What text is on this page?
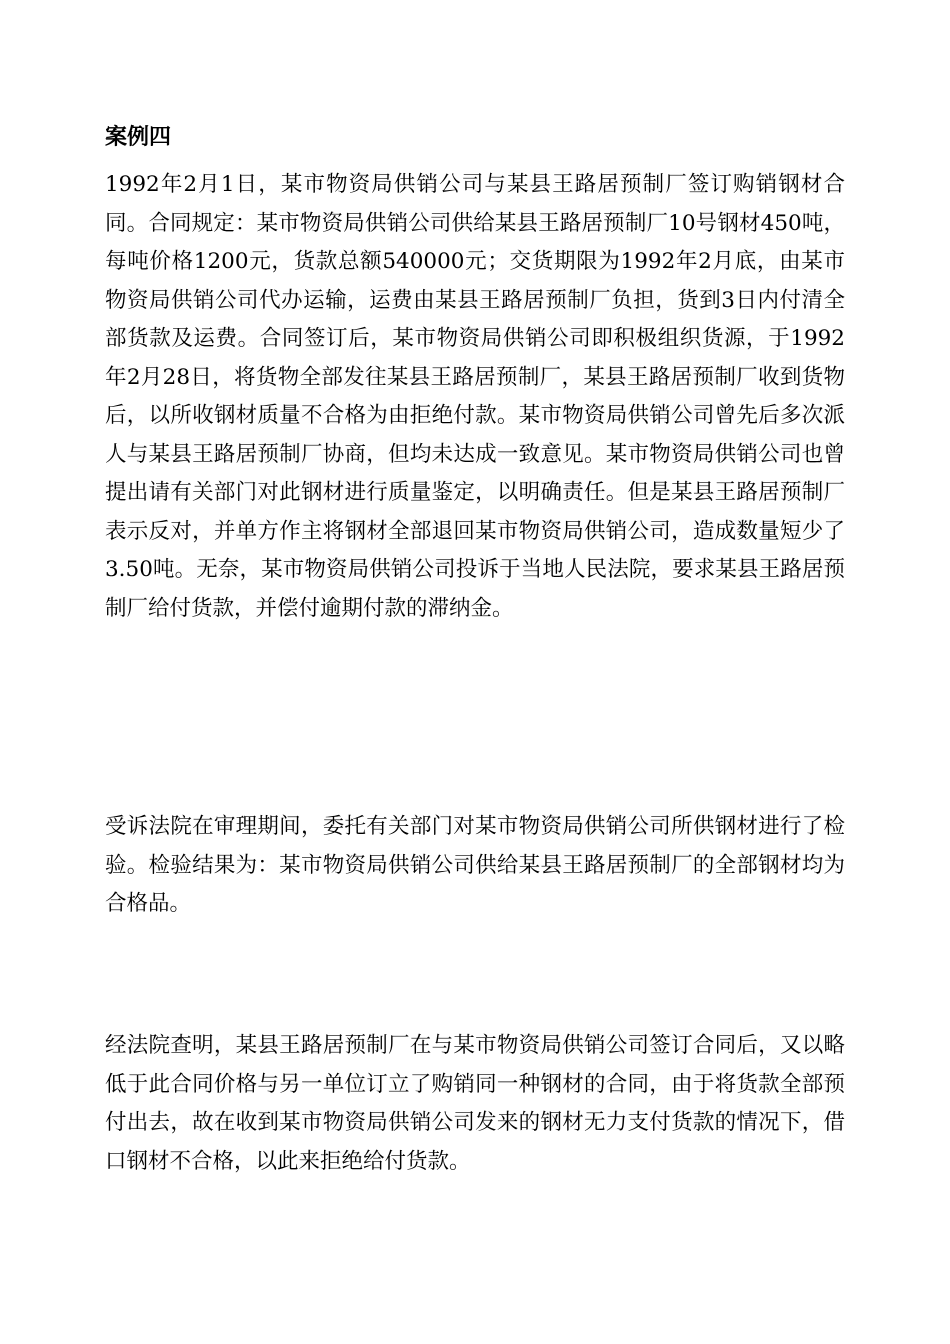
案例四

1992年2月1日，某市物资局供销公司与某县王路居预制厂签订购销钢材合同。合同规定：某市物资局供销公司供给某县王路居预制厂10号钢材450吨，每吨价格1200元，货款总额540000元；交货期限为1992年2月底，由某市物资局供销公司代办运输，运费由某县王路居预制厂负担，货到3日内付清全部货款及运费。合同签订后，某市物资局供销公司即积极组织货源，于1992年2月28日，将货物全部发往某县王路居预制厂，某县王路居预制厂收到货物后，以所收钢材质量不合格为由拒绝付款。某市物资局供销公司曾先后多次派人与某县王路居预制厂协商，但均未达成一致意见。某市物资局供销公司也曾提出请有关部门对此钢材进行质量鉴定，以明确责任。但是某县王路居预制厂表示反对，并单方作主将钢材全部退回某市物资局供销公司，造成数量短少了3.50吨。无奈，某市物资局供销公司投诉于当地人民法院，要求某县王路居预制厂给付货款，并偿付逾期付款的滞纳金。

受诉法院在审理期间，委托有关部门对某市物资局供销公司所供钢材进行了检验。检验结果为：某市物资局供销公司供给某县王路居预制厂的全部钢材均为合格品。

经法院查明，某县王路居预制厂在与某市物资局供销公司签订合同后，又以略低于此合同价格与另一单位订立了购销同一种钢材的合同，由于将货款全部预付出去，故在收到某市物资局供销公司发来的钢材无力支付货款的情况下，借口钢材不合格，以此来拒绝给付货款。
